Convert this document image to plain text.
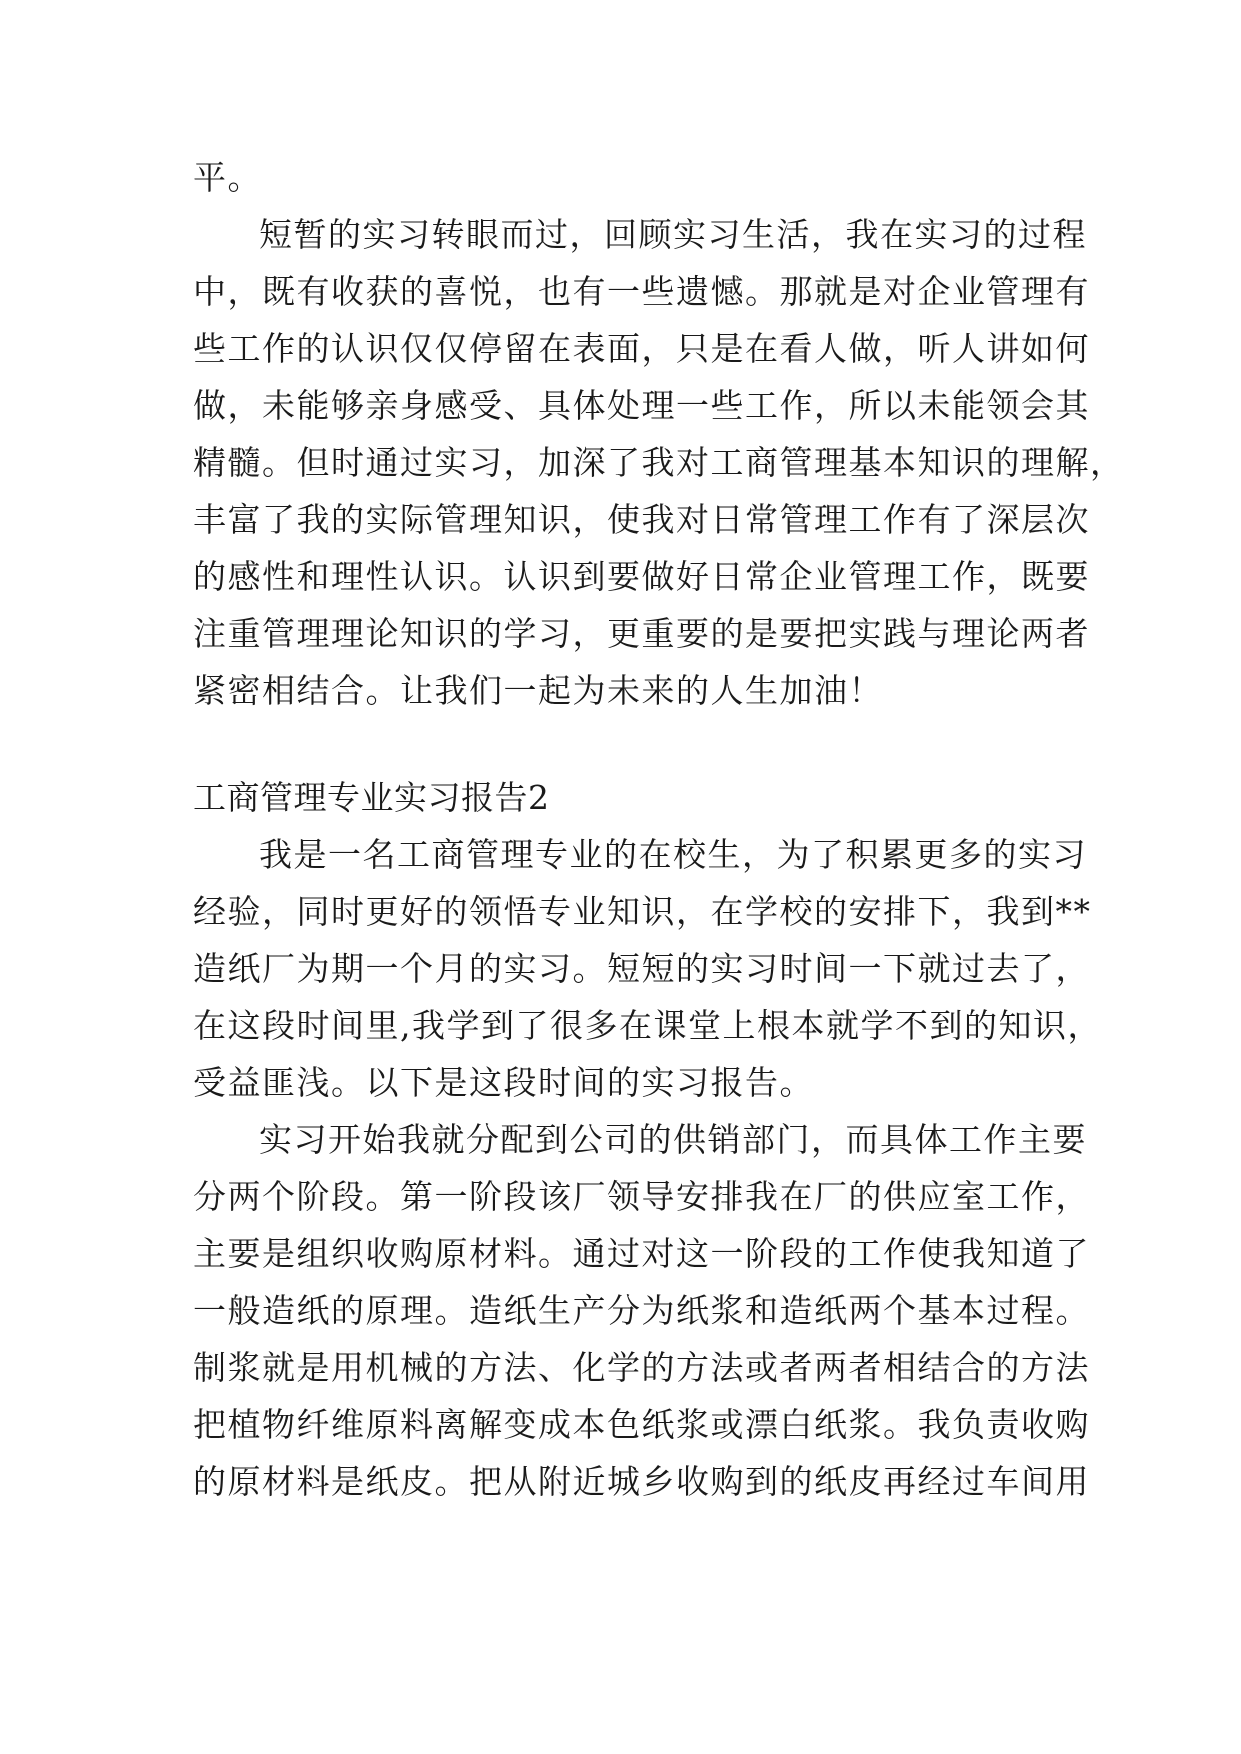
平。
短暂的实习转眼而过，回顾实习生活，我在实习的过程
中，既有收获的喜悦，也有一些遗憾。那就是对企业管理有
些工作的认识仅仅停留在表面，只是在看人做，听人讲如何
做，未能够亲身感受、具体处理一些工作，所以未能领会其
精髓。但时通过实习，加深了我对工商管理基本知识的理解，
丰富了我的实际管理知识，使我对日常管理工作有了深层次
的感性和理性认识。认识到要做好日常企业管理工作，既要
注重管理理论知识的学习，更重要的是要把实践与理论两者
紧密相结合。让我们一起为未来的人生加油！
工商管理专业实习报告2
我是一名工商管理专业的在校生，为了积累更多的实习
经验，同时更好的领悟专业知识，在学校的安排下，我到**
造纸厂为期一个月的实习。短短的实习时间一下就过去了，
在这段时间里,我学到了很多在课堂上根本就学不到的知识，
受益匪浅。以下是这段时间的实习报告。
实习开始我就分配到公司的供销部门，而具体工作主要
分两个阶段。第一阶段该厂领导安排我在厂的供应室工作，
主要是组织收购原材料。通过对这一阶段的工作使我知道了
一般造纸的原理。造纸生产分为纸浆和造纸两个基本过程。
制浆就是用机械的方法、化学的方法或者两者相结合的方法
把植物纤维原料离解变成本色纸浆或漂白纸浆。我负责收购
的原材料是纸皮。把从附近城乡收购到的纸皮再经过车间用
